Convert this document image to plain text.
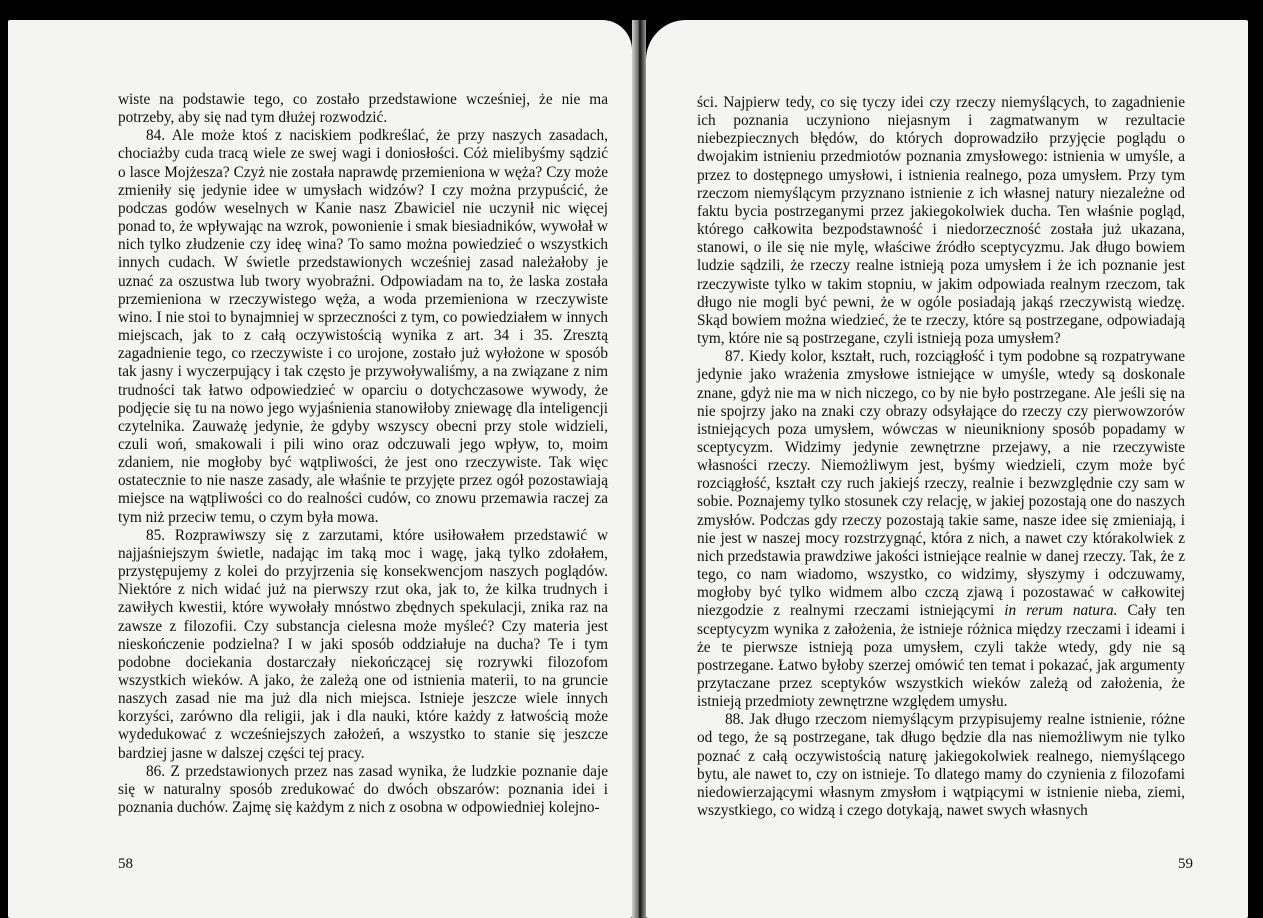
wiste na podstawie tego, co zostało przedstawione wcześniej, że nie ma potrzeby, aby się nad tym dłużej rozwodzić.

84. Ale może ktoś z naciskiem podkreślać, że przy naszych zasadach, chociażby cuda tracą wiele ze swej wagi i doniosłości. Cóż mielibyśmy sądzić o lasce Mojżesza? Czyż nie została naprawdę przemieniona w węża? Czy może zmieniły się jedynie idee w umysłach widzów? I czy można przypuścić, że podczas godów weselnych w Kanie nasz Zbawiciel nie uczynił nic więcej ponad to, że wpływając na wzrok, powonienie i smak biesiadników, wywołał w nich tylko złudzenie czy ideę wina? To samo można powiedzieć o wszystkich innych cudach. W świetle przedstawionych wcześniej zasad należałoby je uznać za oszustwa lub twory wyobraźni. Odpowiadam na to, że laska została przemieniona w rzeczywistego węża, a woda przemieniona w rzeczywiste wino. I nie stoi to bynajmniej w sprzeczności z tym, co powiedziałem w innych miejscach, jak to z całą oczywistością wynika z art. 34 i 35. Zresztą zagadnienie tego, co rzeczywiste i co urojone, zostało już wyłożone w sposób tak jasny i wyczerpujący i tak często je przywoływaliśmy, a na związane z nim trudności tak łatwo odpowiedzieć w oparciu o dotychczasowe wywody, że podjęcie się tu na nowo jego wyjaśnienia stanowiłoby zniewagę dla inteligencji czytelnika. Zauważę jedynie, że gdyby wszyscy obecni przy stole widzieli, czuli woń, smakowali i pili wino oraz odczuwali jego wpływ, to, moim zdaniem, nie mogłoby być wątpliwości, że jest ono rzeczywiste. Tak więc ostatecznie to nie nasze zasady, ale właśnie te przyjęte przez ogół pozostawiają miejsce na wątpliwości co do realności cudów, co znowu przemawia raczej za tym niż przeciw temu, o czym była mowa.

85. Rozprawiwszy się z zarzutami, które usiłowałem przedstawić w najjaśniejszym świetle, nadając im taką moc i wagę, jaką tylko zdołałem, przystępujemy z kolei do przyjrzenia się konsekwencjom naszych poglądów. Niektóre z nich widać już na pierwszy rzut oka, jak to, że kilka trudnych i zawiłych kwestii, które wywołały mnóstwo zbędnych spekulacji, znika raz na zawsze z filozofii. Czy substancja cielesna może myśleć? Czy materia jest nieskończenie podzielna? I w jaki sposób oddziałuje na ducha? Te i tym podobne dociekania dostarczały niekończącej się rozrywki filozofom wszystkich wieków. A jako, że zależą one od istnienia materii, to na gruncie naszych zasad nie ma już dla nich miejsca. Istnieje jeszcze wiele innych korzyści, zarówno dla religii, jak i dla nauki, które każdy z łatwością może wydedukować z wcześniejszych założeń, a wszystko to stanie się jeszcze bardziej jasne w dalszej części tej pracy.

86. Z przedstawionych przez nas zasad wynika, że ludzkie poznanie daje się w naturalny sposób zredukować do dwóch obszarów: poznania idei i poznania duchów. Zajmę się każdym z nich z osobna w odpowiedniej kolejno-

58

ści. Najpierw tedy, co się tyczy idei czy rzeczy niemyślących, to zagadnienie ich poznania uczyniono niejasnym i zagmatwanym w rezultacie niebezpiecznych błędów, do których doprowadziło przyjęcie poglądu o dwojakim istnieniu przedmiotów poznania zmysłowego: istnienia w umyśle, a przez to dostępnego umysłowi, i istnienia realnego, poza umysłem. Przy tym rzeczom niemyślącym przyznano istnienie z ich własnej natury niezależne od faktu bycia postrzeganymi przez jakiegokolwiek ducha. Ten właśnie pogląd, którego całkowita bezpodstawność i niedorzeczność została już ukazana, stanowi, o ile się nie mylę, właściwe źródło sceptycyzmu. Jak długo bowiem ludzie sądzili, że rzeczy realne istnieją poza umysłem i że ich poznanie jest rzeczywiste tylko w takim stopniu, w jakim odpowiada realnym rzeczom, tak długo nie mogli być pewni, że w ogóle posiadają jakąś rzeczywistą wiedzę. Skąd bowiem można wiedzieć, że te rzeczy, które są postrzegane, odpowiadają tym, które nie są postrzegane, czyli istnieją poza umysłem?

87. Kiedy kolor, kształt, ruch, rozciągłość i tym podobne są rozpatrywane jedynie jako wrażenia zmysłowe istniejące w umyśle, wtedy są doskonale znane, gdyż nie ma w nich niczego, co by nie było postrzegane. Ale jeśli się na nie spojrzy jako na znaki czy obrazy odsyłające do rzeczy czy pierwowzorów istniejących poza umysłem, wówczas w nieunikniony sposób popadamy w sceptycyzm. Widzimy jedynie zewnętrzne przejawy, a nie rzeczywiste własności rzeczy. Niemożliwym jest, byśmy wiedzieli, czym może być rozciągłość, kształt czy ruch jakiejś rzeczy, realnie i bezwzględnie czy sam w sobie. Poznajemy tylko stosunek czy relację, w jakiej pozostają one do naszych zmysłów. Podczas gdy rzeczy pozostają takie same, nasze idee się zmieniają, i nie jest w naszej mocy rozstrzygnąć, która z nich, a nawet czy którakolwiek z nich przedstawia prawdziwe jakości istniejące realnie w danej rzeczy. Tak, że z tego, co nam wiadomo, wszystko, co widzimy, słyszymy i odczuwamy, mogłoby być tylko widmem albo czczą zjawą i pozostawać w całkowitej niezgodzie z realnymi rzeczami istniejącymi in rerum natura. Cały ten sceptycyzm wynika z założenia, że istnieje różnica między rzeczami i ideami i że te pierwsze istnieją poza umysłem, czyli także wtedy, gdy nie są postrzegane. Łatwo byłoby szerzej omówić ten temat i pokazać, jak argumenty przytaczane przez sceptyków wszystkich wieków zależą od założenia, że istnieją przedmioty zewnętrzne względem umysłu.

88. Jak długo rzeczom niemyślącym przypisujemy realne istnienie, różne od tego, że są postrzegane, tak długo będzie dla nas niemożliwym nie tylko poznać z całą oczywistością naturę jakiegokolwiek realnego, niemyślącego bytu, ale nawet to, czy on istnieje. To dlatego mamy do czynienia z filozofami niedowierzającymi własnym zmysłom i wątpiącymi w istnienie nieba, ziemi, wszystkiego, co widzą i czego dotykają, nawet swych własnych

59
